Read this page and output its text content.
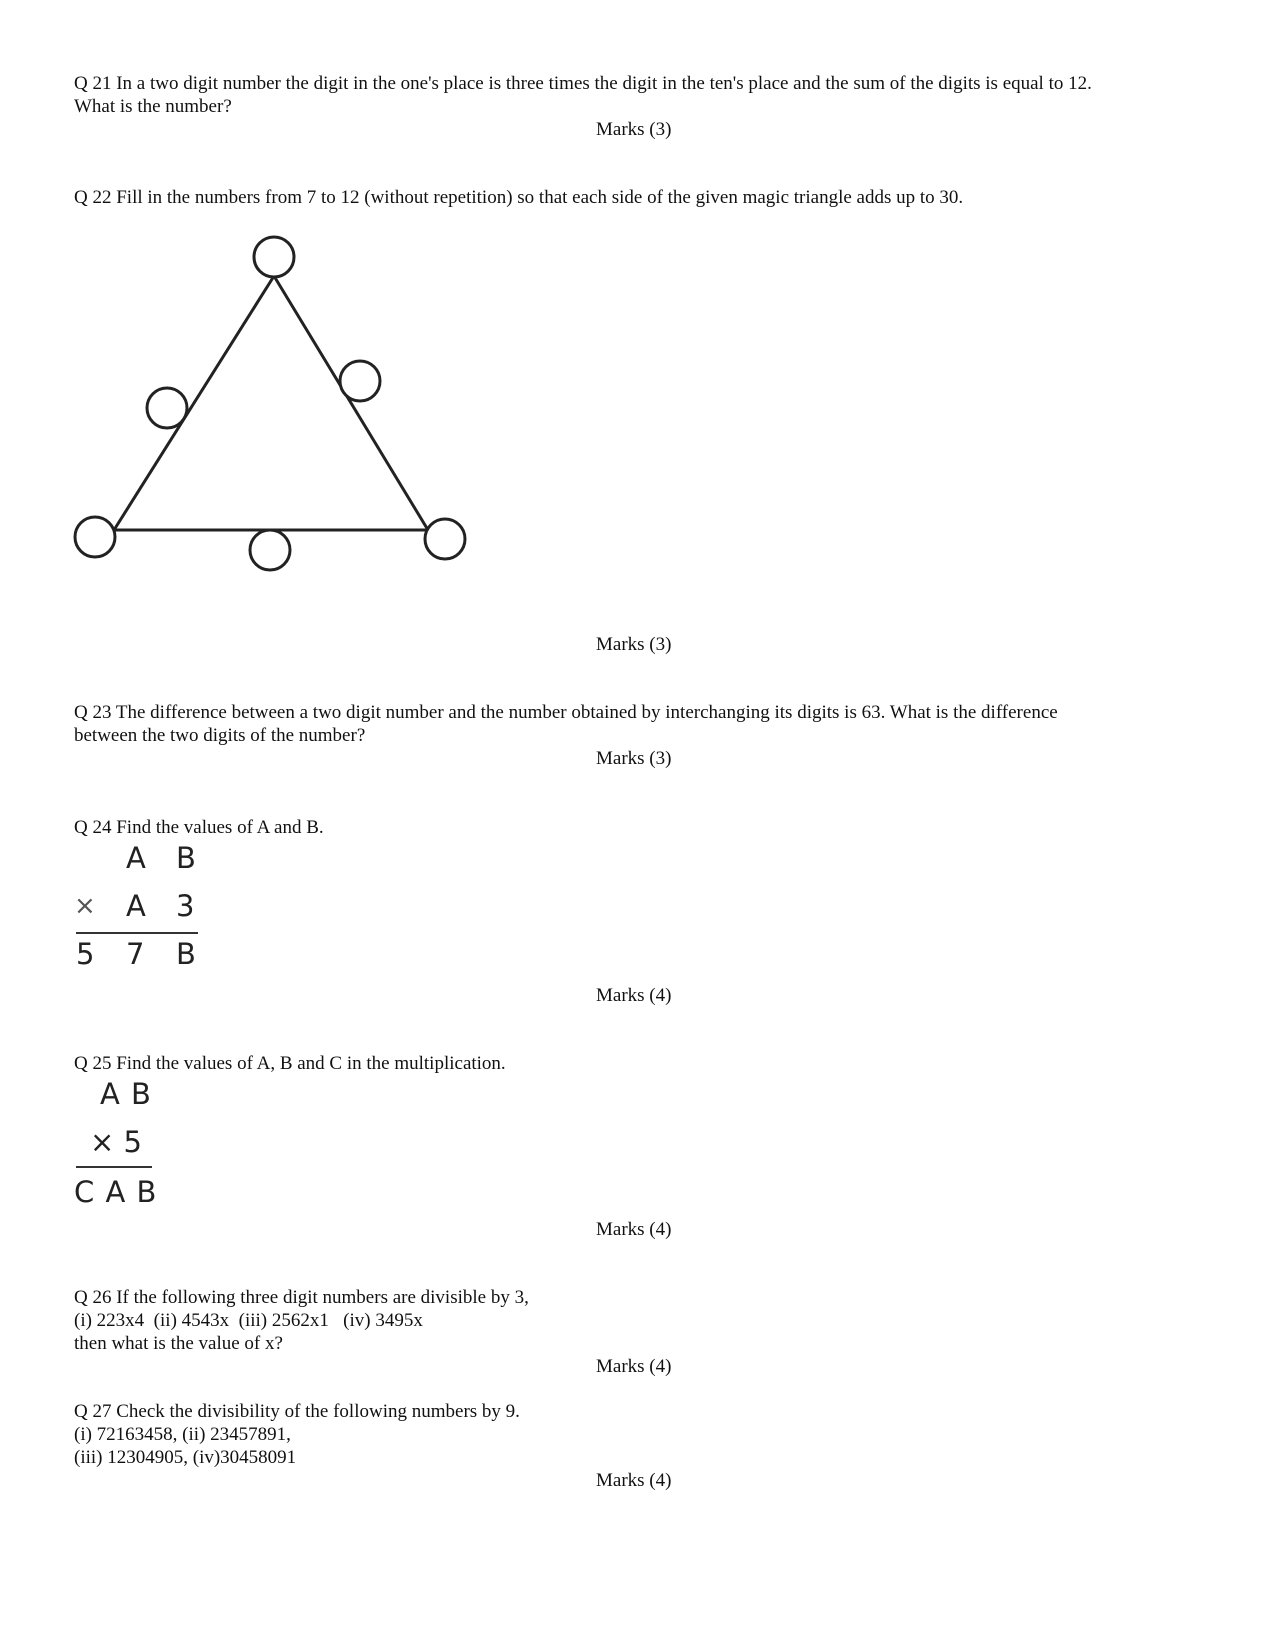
Q 21 In a two digit number the digit in the one's place is three times the digit in the ten's place and the sum of the digits is equal to 12.
What is the number?
Marks (3)
Q 22 Fill in the numbers from 7 to 12 (without repetition) so that each side of the given magic triangle adds up to 30.
Marks (3)
Q 23 The difference between a two digit number and the number obtained by interchanging its digits is 63. What is the difference
between the two digits of the number?
Marks (3)
Q 24 Find the values of A and B.
A B
× A 3
5 7 B
Marks (4)
Q 25 Find the values of A, B and C in the multiplication.
A B
× 5
C A B
Marks (4)
Q 26 If the following three digit numbers are divisible by 3,
(i) 223x4  (ii) 4543x  (iii) 2562x1   (iv) 3495x
then what is the value of x?
Marks (4)
Q 27 Check the divisibility of the following numbers by 9.
(i) 72163458, (ii) 23457891,
(iii) 12304905, (iv)30458091
Marks (4)
